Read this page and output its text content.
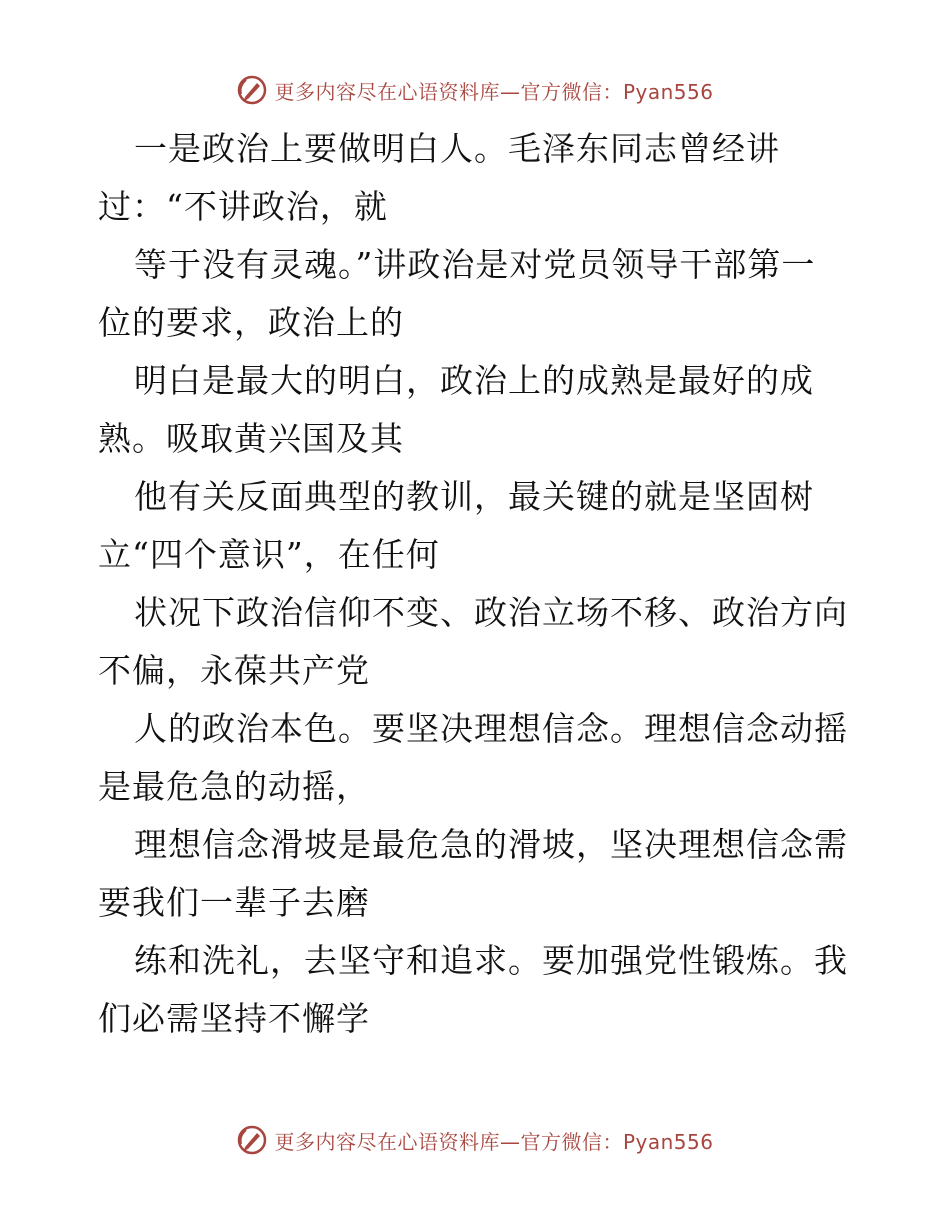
更多内容尽在心语资料库—官方微信：Pyan556
一是政治上要做明白人。毛泽东同志曾经讲
过：“不讲政治，就
等于没有灵魂。”讲政治是对党员领导干部第一
位的要求，政治上的
明白是最大的明白，政治上的成熟是最好的成
熟。吸取黄兴国及其
他有关反面典型的教训，最关键的就是坚固树
立“四个意识”，在任何
状况下政治信仰不变、政治立场不移、政治方向
不偏，永葆共产党
人的政治本色。要坚决理想信念。理想信念动摇
是最危急的动摇，
理想信念滑坡是最危急的滑坡，坚决理想信念需
要我们一辈子去磨
练和洗礼，去坚守和追求。要加强党性锻炼。我
们必需坚持不懈学
更多内容尽在心语资料库—官方微信：Pyan556
